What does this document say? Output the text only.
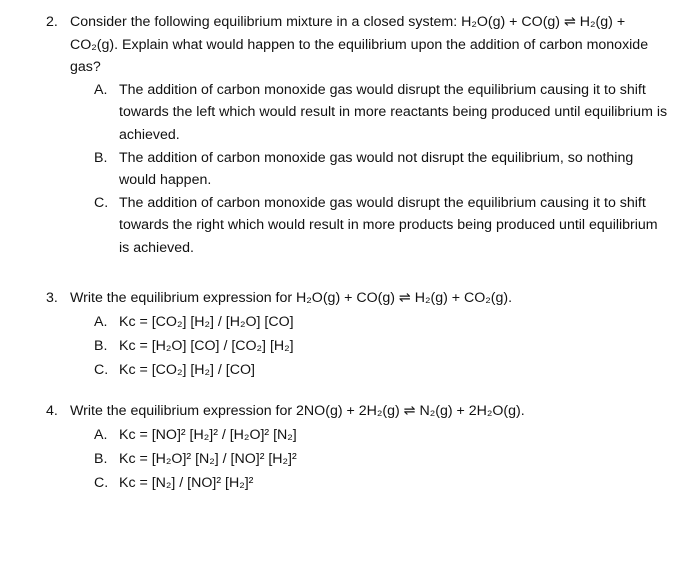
2. Consider the following equilibrium mixture in a closed system: H₂O(g) + CO(g) ⇌ H₂(g) + CO₂(g). Explain what would happen to the equilibrium upon the addition of carbon monoxide gas?
A. The addition of carbon monoxide gas would disrupt the equilibrium causing it to shift towards the left which would result in more reactants being produced until equilibrium is achieved.
B. The addition of carbon monoxide gas would not disrupt the equilibrium, so nothing would happen.
C. The addition of carbon monoxide gas would disrupt the equilibrium causing it to shift towards the right which would result in more products being produced until equilibrium is achieved.
3. Write the equilibrium expression for H₂O(g) + CO(g) ⇌ H₂(g) + CO₂(g).
A. Kc = [CO₂] [H₂] / [H₂O] [CO]
B. Kc = [H₂O] [CO] / [CO₂] [H₂]
C. Kc = [CO₂] [H₂] / [CO]
4. Write the equilibrium expression for 2NO(g) + 2H₂(g) ⇌ N₂(g) + 2H₂O(g).
A. Kc = [NO]² [H₂]² / [H₂O]² [N₂]
B. Kc = [H₂O]² [N₂] / [NO]² [H₂]²
C. Kc = [N₂] / [NO]² [H₂]²
